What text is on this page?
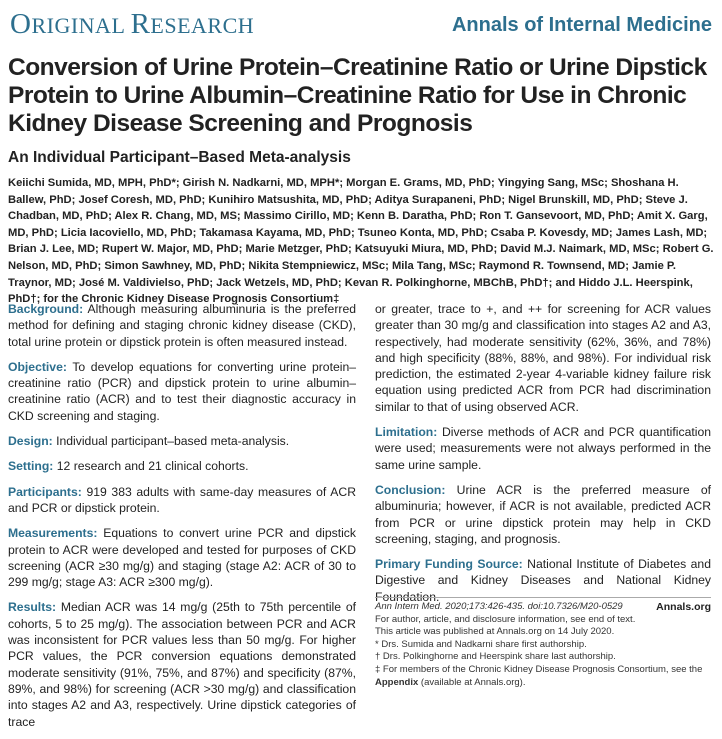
ORIGINAL RESEARCH	Annals of Internal Medicine
Conversion of Urine Protein–Creatinine Ratio or Urine Dipstick Protein to Urine Albumin–Creatinine Ratio for Use in Chronic Kidney Disease Screening and Prognosis
An Individual Participant–Based Meta-analysis
Keiichi Sumida, MD, MPH, PhD*; Girish N. Nadkarni, MD, MPH*; Morgan E. Grams, MD, PhD; Yingying Sang, MSc; Shoshana H. Ballew, PhD; Josef Coresh, MD, PhD; Kunihiro Matsushita, MD, PhD; Aditya Surapaneni, PhD; Nigel Brunskill, MD, PhD; Steve J. Chadban, MD, PhD; Alex R. Chang, MD, MS; Massimo Cirillo, MD; Kenn B. Daratha, PhD; Ron T. Gansevoort, MD, PhD; Amit X. Garg, MD, PhD; Licia Iacoviello, MD, PhD; Takamasa Kayama, MD, PhD; Tsuneo Konta, MD, PhD; Csaba P. Kovesdy, MD; James Lash, MD; Brian J. Lee, MD; Rupert W. Major, MD, PhD; Marie Metzger, PhD; Katsuyuki Miura, MD, PhD; David M.J. Naimark, MD, MSc; Robert G. Nelson, MD, PhD; Simon Sawhney, MD, PhD; Nikita Stempniewicz, MSc; Mila Tang, MSc; Raymond R. Townsend, MD; Jamie P. Traynor, MD; José M. Valdivielso, PhD; Jack Wetzels, MD, PhD; Kevan R. Polkinghorne, MBChB, PhD†; and Hiddo J.L. Heerspink, PhD†; for the Chronic Kidney Disease Prognosis Consortium‡

Background: Although measuring albuminuria is the preferred method for defining and staging chronic kidney disease (CKD), total urine protein or dipstick protein is often measured instead.

Objective: To develop equations for converting urine protein–creatinine ratio (PCR) and dipstick protein to urine albumin–creatinine ratio (ACR) and to test their diagnostic accuracy in CKD screening and staging.

Design: Individual participant–based meta-analysis.

Setting: 12 research and 21 clinical cohorts.

Participants: 919 383 adults with same-day measures of ACR and PCR or dipstick protein.

Measurements: Equations to convert urine PCR and dipstick protein to ACR were developed and tested for purposes of CKD screening (ACR ≥30 mg/g) and staging (stage A2: ACR of 30 to 299 mg/g; stage A3: ACR ≥300 mg/g).

Results: Median ACR was 14 mg/g (25th to 75th percentile of cohorts, 5 to 25 mg/g). The association between PCR and ACR was inconsistent for PCR values less than 50 mg/g. For higher PCR values, the PCR conversion equations demonstrated moderate sensitivity (91%, 75%, and 87%) and specificity (87%, 89%, and 98%) for screening (ACR >30 mg/g) and classification into stages A2 and A3, respectively. Urine dipstick categories of trace

or greater, trace to +, and ++ for screening for ACR values greater than 30 mg/g and classification into stages A2 and A3, respectively, had moderate sensitivity (62%, 36%, and 78%) and high specificity (88%, 88%, and 98%). For individual risk prediction, the estimated 2-year 4-variable kidney failure risk equation using predicted ACR from PCR had discrimination similar to that of using observed ACR.

Limitation: Diverse methods of ACR and PCR quantification were used; measurements were not always performed in the same urine sample.

Conclusion: Urine ACR is the preferred measure of albuminuria; however, if ACR is not available, predicted ACR from PCR or urine dipstick protein may help in CKD screening, staging, and prognosis.

Primary Funding Source: National Institute of Diabetes and Digestive and Kidney Diseases and National Kidney Foundation.

Ann Intern Med. 2020;173:426-435. doi:10.7326/M20-0529	Annals.org
For author, article, and disclosure information, see end of text.
This article was published at Annals.org on 14 July 2020.
* Drs. Sumida and Nadkarni share first authorship.
† Drs. Polkinghorne and Heerspink share last authorship.
‡ For members of the Chronic Kidney Disease Prognosis Consortium, see the Appendix (available at Annals.org).
